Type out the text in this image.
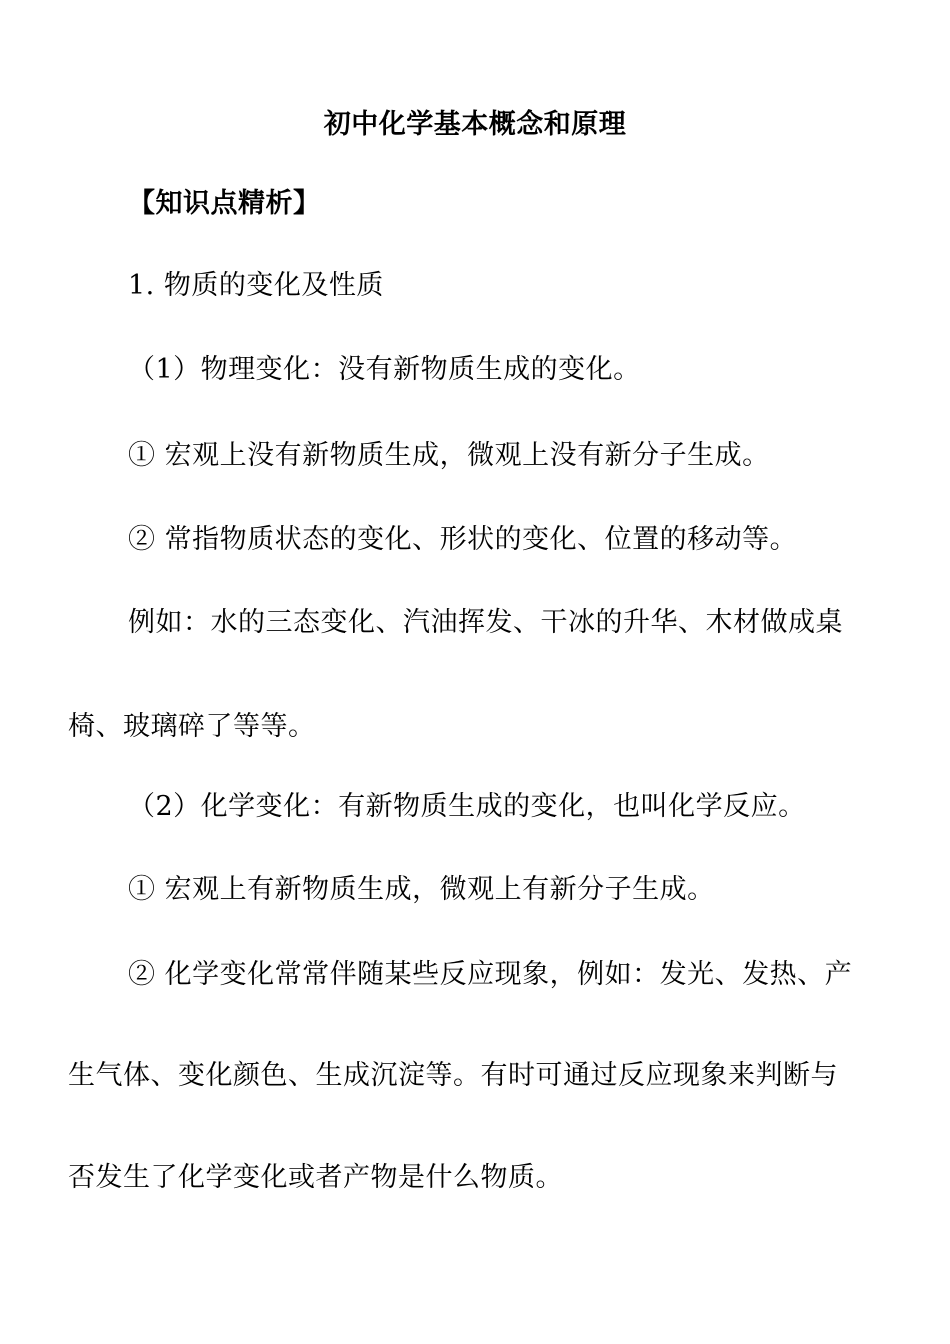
初中化学基本概念和原理
【知识点精析】
1. 物质的变化及性质
（1）物理变化：没有新物质生成的变化。
① 宏观上没有新物质生成，微观上没有新分子生成。
② 常指物质状态的变化、形状的变化、位置的移动等。
例如：水的三态变化、汽油挥发、干冰的升华、木材做成桌
椅、玻璃碎了等等。
（2）化学变化：有新物质生成的变化，也叫化学反应。
① 宏观上有新物质生成，微观上有新分子生成。
② 化学变化常常伴随某些反应现象，例如：发光、发热、产
生气体、变化颜色、生成沉淀等。有时可通过反应现象来判断与
否发生了化学变化或者产物是什么物质。
